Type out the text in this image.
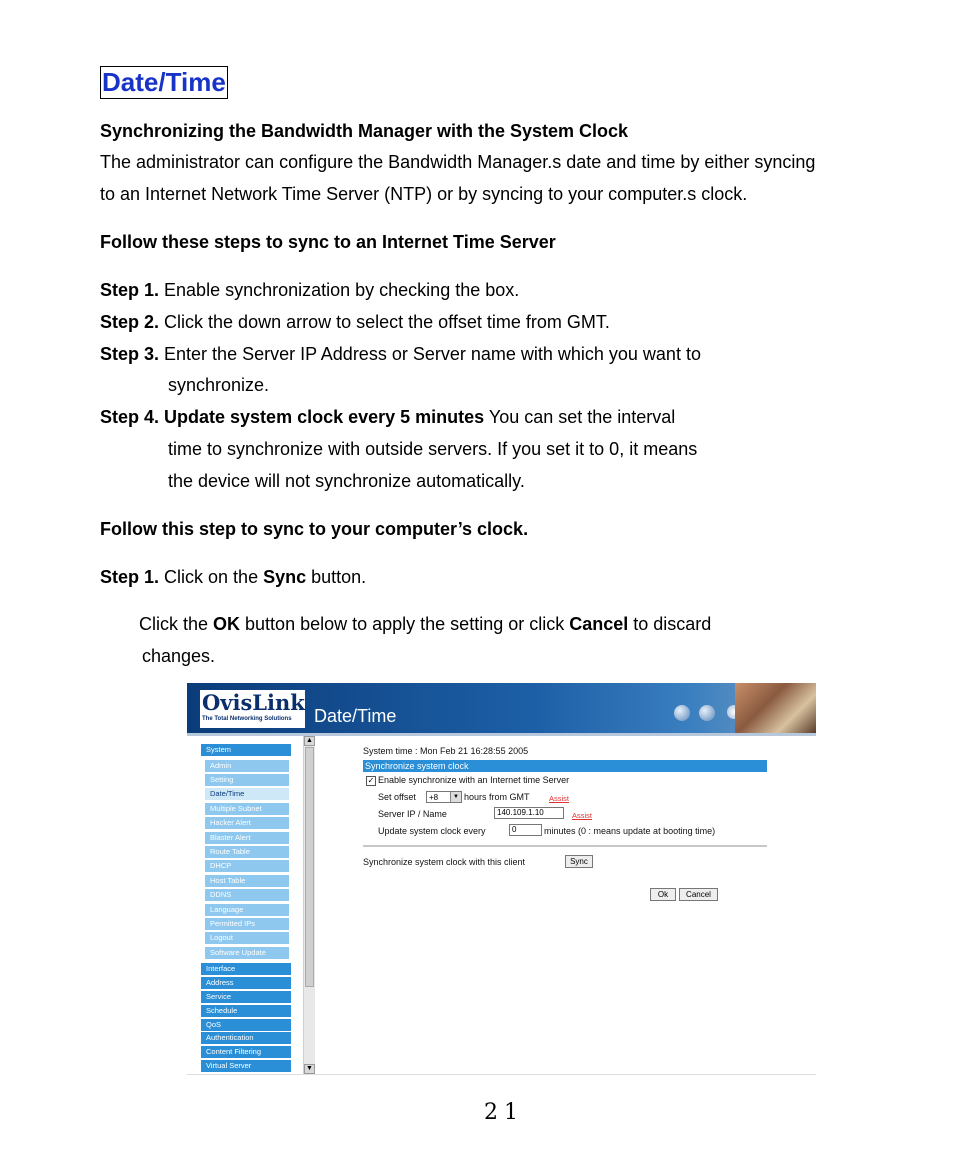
Date/Time
Synchronizing the Bandwidth Manager with the System Clock
The administrator can configure the Bandwidth Manager.s date and time by either syncing
to an Internet Network Time Server (NTP) or by syncing to your computer.s clock.
Follow these steps to sync to an Internet Time Server
Step 1. Enable synchronization by checking the box.
Step 2. Click the down arrow to select the offset time from GMT.
Step 3. Enter the Server IP Address or Server name with which you want to
synchronize.
Step 4. Update system clock every 5 minutes You can set the interval
time to synchronize with outside servers. If you set it to 0, it means
the device will not synchronize automatically.
Follow this step to sync to your computer’s clock.
Step 1. Click on the Sync button.
Click the OK button below to apply the setting or click Cancel to discard
changes.
OvisLink
The Total Networking Solutions Date/Time
System
Admin
Setting
Date/Time
Multiple Subnet
Hacker Alert
Blaster Alert
Route Table
DHCP
Host Table
DDNS
Language
Permitted IPs
Logout
Software Update
Interface
Address
Service
Schedule
QoS
Authentication
Content Filtering
Virtual Server
▲
▼
System time : Mon Feb 21 16:28:55 2005
Synchronize system clock
✓ Enable synchronize with an Internet time Server
Set offset	+8	▼ hours from GMT	Assist
Server IP / Name	140.109.1.10	Assist
Update system clock every	0	minutes (0 : means update at booting time)
Synchronize system clock with this client	Sync
Ok	Cancel
21
